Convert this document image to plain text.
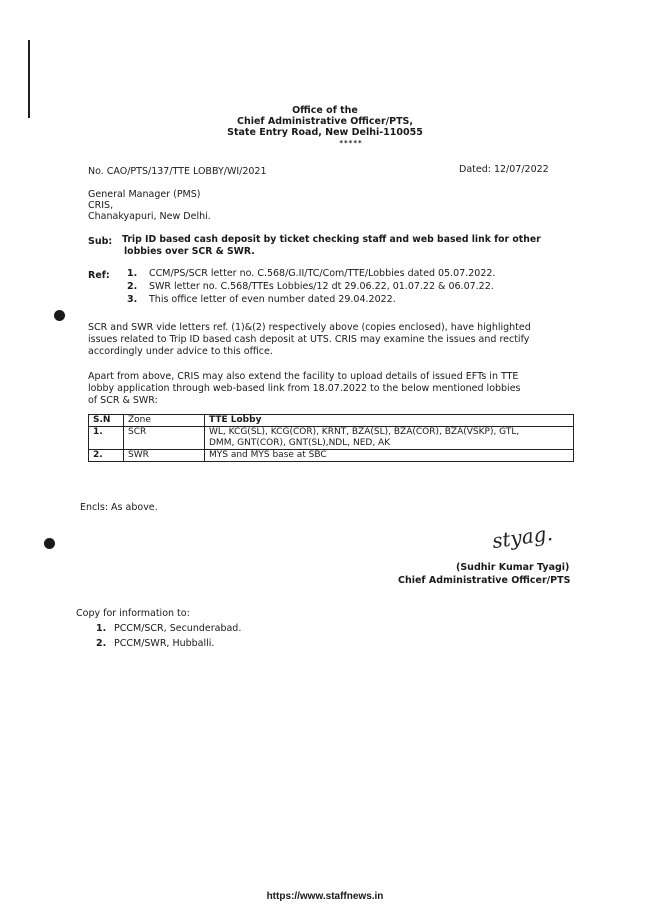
Office of the
Chief Administrative Officer/PTS,
State Entry Road, New Delhi-110055
*****
No. CAO/PTS/137/TTE LOBBY/WI/2021	Dated: 12/07/2022
General Manager (PMS)
CRIS,
Chanakyapuri, New Delhi.
Sub: Trip ID based cash deposit by ticket checking staff and web based link for other
lobbies over SCR & SWR.
Ref: 1. CCM/PS/SCR letter no. C.568/G.II/TC/Com/TTE/Lobbies dated 05.07.2022.
2. SWR letter no. C.568/TTEs Lobbies/12 dt 29.06.22, 01.07.22 & 06.07.22.
3. This office letter of even number dated 29.04.2022.
SCR and SWR vide letters ref. (1)&(2) respectively above (copies enclosed), have highlighted
issues related to Trip ID based cash deposit at UTS. CRIS may examine the issues and rectify
accordingly under advice to this office.
Apart from above, CRIS may also extend the facility to upload details of issued EFTs in TTE
lobby application through web-based link from 18.07.2022 to the below mentioned lobbies
of SCR & SWR:
S.N	Zone	TTE Lobby
1.	SCR	WL, KCG(SL), KCG(COR), KRNT, BZA(SL), BZA(COR), BZA(VSKP), GTL,
DMM, GNT(COR), GNT(SL),NDL, NED, AK

2.	SWR	MYS and MYS base at SBC
Encls: As above.
styag.
(Sudhir Kumar Tyagi)
Chief Administrative Officer/PTS
Copy for information to:
1. PCCM/SCR, Secunderabad.
2. PCCM/SWR, Hubballi.
https://www.staffnews.in
